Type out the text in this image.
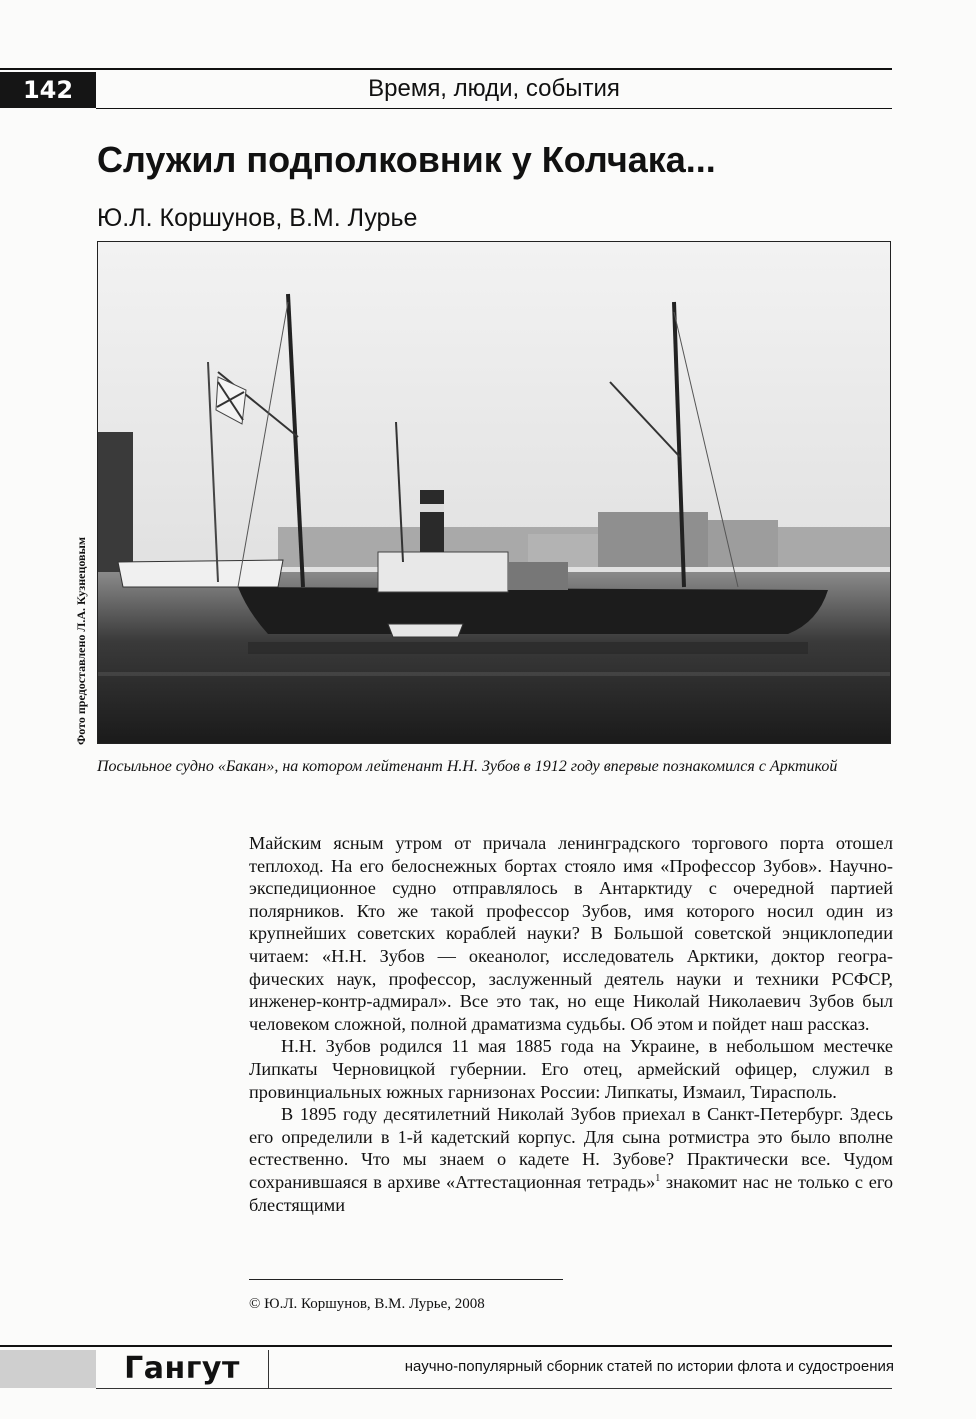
142	Время, люди, события
Служил подполковник у Колчака...
Ю.Л. Коршунов, В.М. Лурье
Фото предоставлено Л.А. Кузнецовым
Посыльное судно «Бакан», на котором лейтенант Н.Н. Зубов в 1912 году впервые познакомился с Арктикой

Майским ясным утром от причала ленинградского торгового порта отошел теплоход. На его белоснежных бортах стояло имя «Профессор Зубов». Научно-экспедиционное судно отправлялось в Антарктиду с очередной партией полярников. Кто же такой профессор Зубов, имя которого носил один из крупнейших советских кораблей науки? В Большой советской энциклопедии читаем: «Н.Н. Зубов — океанолог, исследователь Арктики, доктор географических наук, профессор, заслуженный деятель науки и техники РСФСР, инженер-контр-адмирал». Все это так, но еще Николай Николаевич Зубов был человеком сложной, полной драматизма судьбы. Об этом и пойдет наш рассказ.

Н.Н. Зубов родился 11 мая 1885 года на Украине, в небольшом местечке Липкаты Черновицкой губернии. Его отец, армейский офицер, служил в провинциальных южных гарнизонах России: Липкаты, Измаил, Тирасполь.

В 1895 году десятилетний Николай Зубов приехал в Санкт-Петербург. Здесь его определили в 1-й кадетский корпус. Для сына ротмистра это было вполне естественно. Что мы знаем о кадете Н. Зубове? Практически все. Чудом сохранившаяся в архиве «Аттестационная тетрадь»$^1$ знакомит нас не только с его блестящими

© Ю.Л. Коршунов, В.М. Лурье, 2008
Гангут	научно-популярный сборник статей по истории флота и судостроения
